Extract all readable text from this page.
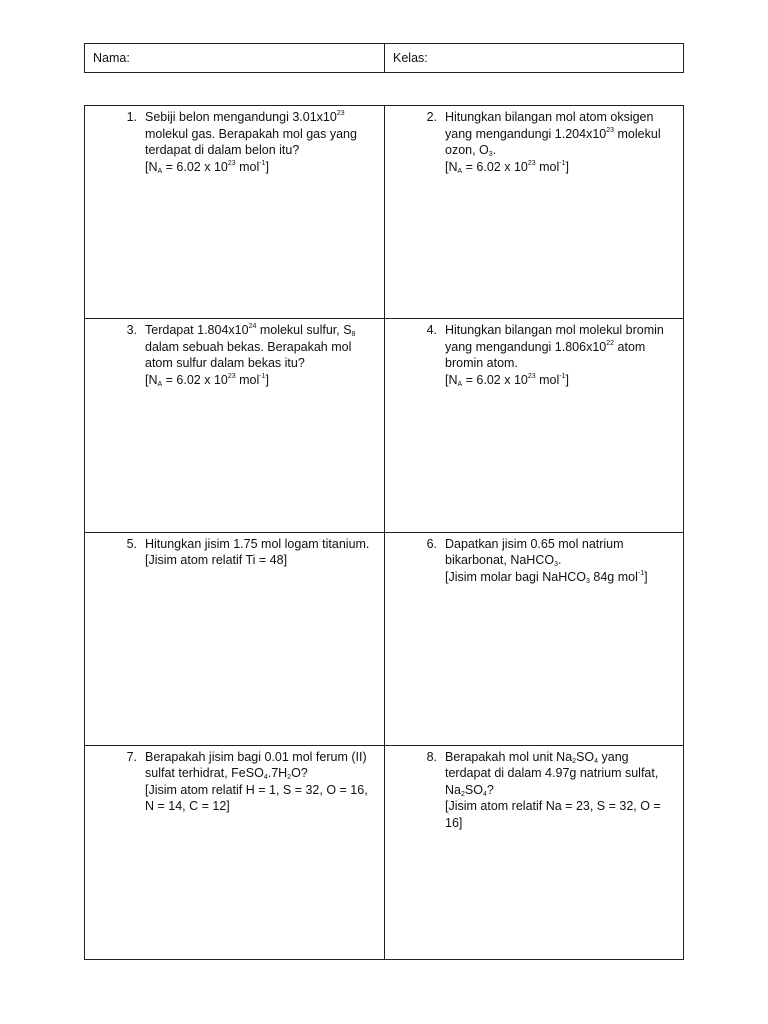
Nama:	Kelas:
1. Sebiji belon mengandungi $3.01x10^{23}$ molekul gas. Berapakah mol gas yang terdapat di dalam belon itu?
[$N_A = 6.02$ x $10^{23}$ mol$^{-1}$]
2. Hitungkan bilangan mol atom oksigen yang mengandungi $1.204x10^{23}$ molekul ozon, $O_3$.
[$N_A = 6.02$ x $10^{23}$ mol$^{-1}$]
3. Terdapat $1.804x10^{24}$ molekul sulfur, $S_8$ dalam sebuah bekas. Berapakah mol atom sulfur dalam bekas itu?
[$N_A = 6.02$ x $10^{23}$ mol$^{-1}$]
4. Hitungkan bilangan mol molekul bromin yang mengandungi $1.806x10^{22}$ atom bromin atom.
[$N_A = 6.02$ x $10^{23}$ mol$^{-1}$]
5. Hitungkan jisim 1.75 mol logam titanium.
[Jisim atom relatif Ti = 48]
6. Dapatkan jisim 0.65 mol natrium bikarbonat, NaHCO$_3$.
[Jisim molar bagi NaHCO$_3$ 84g mol$^{-1}$]
7. Berapakah jisim bagi 0.01 mol ferum (II) sulfat terhidrat, $FeSO_4.7H_2O$?
[Jisim atom relatif H = 1, S = 32, O = 16, N = 14, C = 12]
8. Berapakah mol unit $Na_2SO_4$ yang terdapat di dalam 4.97g natrium sulfat, $Na_2SO_4$?
[Jisim atom relatif Na = 23, S = 32, O = 16]
